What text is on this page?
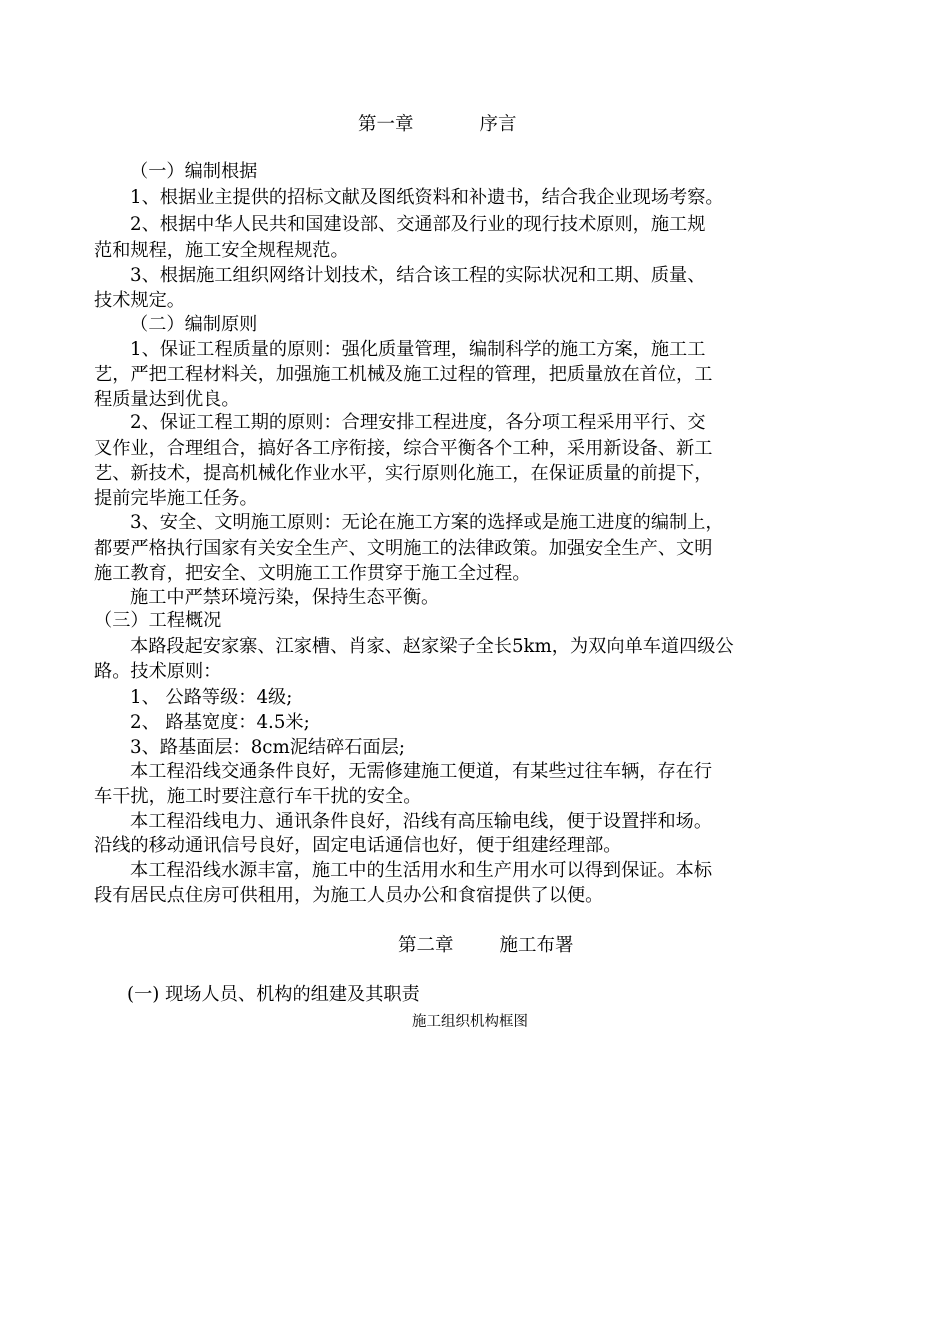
第一章	序言
（一）编制根据
1、根据业主提供的招标文献及图纸资料和补遗书，结合我企业现场考察。
2、根据中华人民共和国建设部、交通部及行业的现行技术原则，施工规
范和规程，施工安全规程规范。
3、根据施工组织网络计划技术，结合该工程的实际状况和工期、质量、
技术规定。
（二）编制原则
1、保证工程质量的原则：强化质量管理，编制科学的施工方案，施工工
艺，严把工程材料关，加强施工机械及施工过程的管理，把质量放在首位，工
程质量达到优良。
2、保证工程工期的原则：合理安排工程进度，各分项工程采用平行、交
叉作业，合理组合，搞好各工序衔接，综合平衡各个工种，采用新设备、新工
艺、新技术，提高机械化作业水平，实行原则化施工，在保证质量的前提下，
提前完毕施工任务。
3、安全、文明施工原则：无论在施工方案的选择或是施工进度的编制上，
都要严格执行国家有关安全生产、文明施工的法律政策。加强安全生产、文明
施工教育，把安全、文明施工工作贯穿于施工全过程。
施工中严禁环境污染，保持生态平衡。
（三）工程概况
本路段起安家寨、江家槽、肖家、赵家梁子全长5km，为双向单车道四级公
路。技术原则：
1、 公路等级：4级;
2、 路基宽度：4.5米;
3、路基面层：8cm泥结碎石面层;
本工程沿线交通条件良好，无需修建施工便道，有某些过往车辆，存在行
车干扰，施工时要注意行车干扰的安全。
本工程沿线电力、通讯条件良好，沿线有高压输电线，便于设置拌和场。
沿线的移动通讯信号良好，固定电话通信也好，便于组建经理部。
本工程沿线水源丰富，施工中的生活用水和生产用水可以得到保证。本标
段有居民点住房可供租用，为施工人员办公和食宿提供了以便。
第二章 施工布署
(一) 现场人员、机构的组建及其职责
施工组织机构框图
